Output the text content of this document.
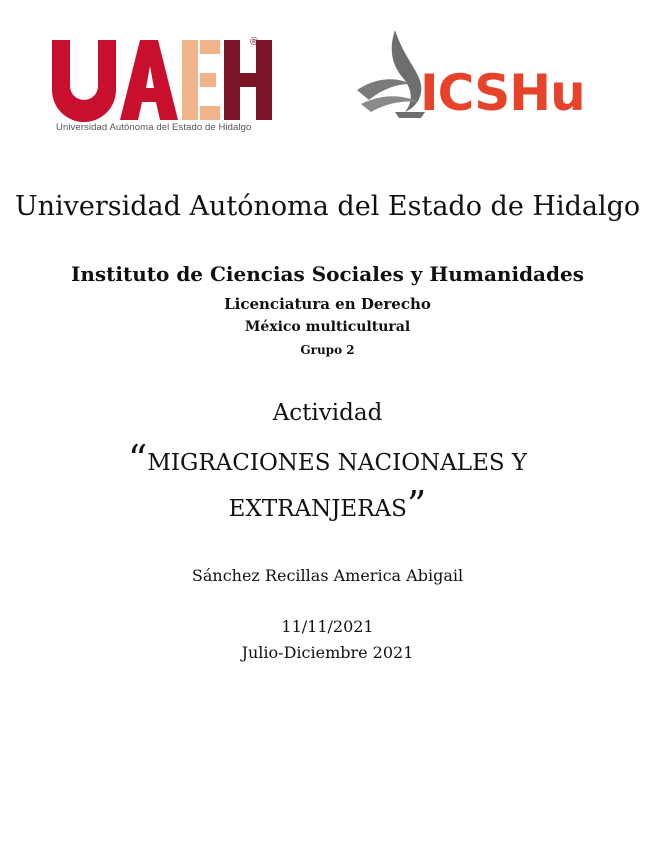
®
Universidad Autónoma del Estado de Hidalgo
ICSHu
Universidad Autónoma del Estado de Hidalgo
Instituto de Ciencias Sociales y Humanidades
Licenciatura en Derecho
México multicultural
Grupo 2
Actividad
“MIGRACIONES NACIONALES Y
EXTRANJERAS”
Sánchez Recillas America Abigail
11/11/2021
Julio-Diciembre 2021
